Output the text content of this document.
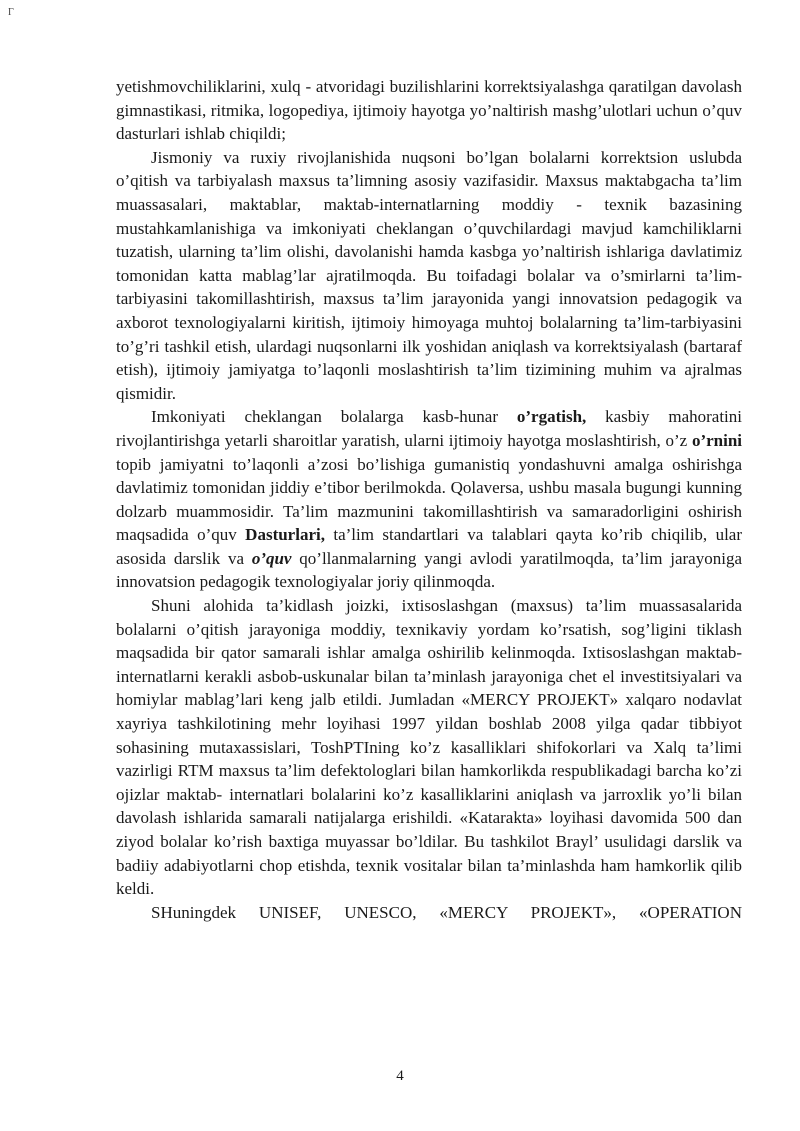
Г

yetishmovchiliklarini, xulq - atvoridagi buzilishlarini korrektsiyalashga qaratilgan davolash gimnastikasi, ritmika, logopediya, ijtimoiy hayotga yo’naltirish mashg’ulotlari uchun o’quv dasturlari ishlab chiqildi;

Jismoniy va ruxiy rivojlanishida nuqsoni bo’lgan bolalarni korrektsion uslubda o’qitish va tarbiyalash maxsus ta’limning asosiy vazifasidir. Maxsus maktabgacha ta’lim muassasalari, maktablar, maktab-internatlarning moddiy - texnik bazasining mustahkamlanishiga va imkoniyati cheklangan o’quvchilardagi mavjud kamchiliklarni tuzatish, ularning ta’lim olishi, davolanishi hamda kasbga yo’naltirish ishlariga davlatimiz tomonidan katta mablag’lar ajratilmoqda. Bu toifadagi bolalar va o’smirlarni ta’lim-tarbiyasini takomillashtirish, maxsus ta’lim jarayonida yangi innovatsion pedagogik va axborot texnologiyalarni kiritish, ijtimoiy himoyaga muhtoj bolalarning ta’lim-tarbiyasini to’g’ri tashkil etish, ulardagi nuqsonlarni ilk yoshidan aniqlash va korrektsiyalash (bartaraf etish), ijtimoiy jamiyatga to’laqonli moslashtirish ta’lim tizimining muhim va ajralmas qismidir.

Imkoniyati cheklangan bolalarga kasb-hunar o’rgatish, kasbiy mahoratini rivojlantirishga yetarli sharoitlar yaratish, ularni ijtimoiy hayotga moslashtirish, o’z o’rnini topib jamiyatni to’laqonli a’zosi bo’lishiga gumanistiq yondashuvni amalga oshirishga davlatimiz tomonidan jiddiy e’tibor berilmokda. Qolaversa, ushbu masala bugungi kunning dolzarb muammosidir. Ta’lim mazmunini takomillashtirish va samaradorligini oshirish maqsadida o’quv Dasturlari, ta’lim standartlari va talablari qayta ko’rib chiqilib, ular asosida darslik va o’quv qo’llanmalarning yangi avlodi yaratilmoqda, ta’lim jarayoniga innovatsion pedagogik texnologiyalar joriy qilinmoqda.

Shuni alohida ta’kidlash joizki, ixtisoslashgan (maxsus) ta’lim muassasalarida bolalarni o’qitish jarayoniga moddiy, texnikaviy yordam ko’rsatish, sog’ligini tiklash maqsadida bir qator samarali ishlar amalga oshirilib kelinmoqda. Ixtisoslashgan maktab-internatlarni kerakli asbob-uskunalar bilan ta’minlash jarayoniga chet el investitsiyalari va homiylar mablag’lari keng jalb etildi. Jumladan «MERCY PROJEKT» xalqaro nodavlat xayriya tashkilotining mehr loyihasi 1997 yildan boshlab 2008 yilga qadar tibbiyot sohasining mutaxassislari, ToshPTIning ko’z kasalliklari shifokorlari va Xalq ta’limi vazirligi RTM maxsus ta’lim defektologlari bilan hamkorlikda respublikadagi barcha ko’zi ojizlar maktab- internatlari bolalarini ko’z kasalliklarini aniqlash va jarroxlik yo’li bilan davolash ishlarida samarali natijalarga erishildi. «Katarakta» loyihasi davomida 500 dan ziyod bolalar ko’rish baxtiga muyassar bo’ldilar. Bu tashkilot Brayl’ usulidagi darslik va badiiy adabiyotlarni chop etishda, texnik vositalar bilan ta’minlashda ham hamkorlik qilib keldi.

SHuningdek UNISEF, UNESCO, «MERCY PROJEKT», «OPERATION

4
